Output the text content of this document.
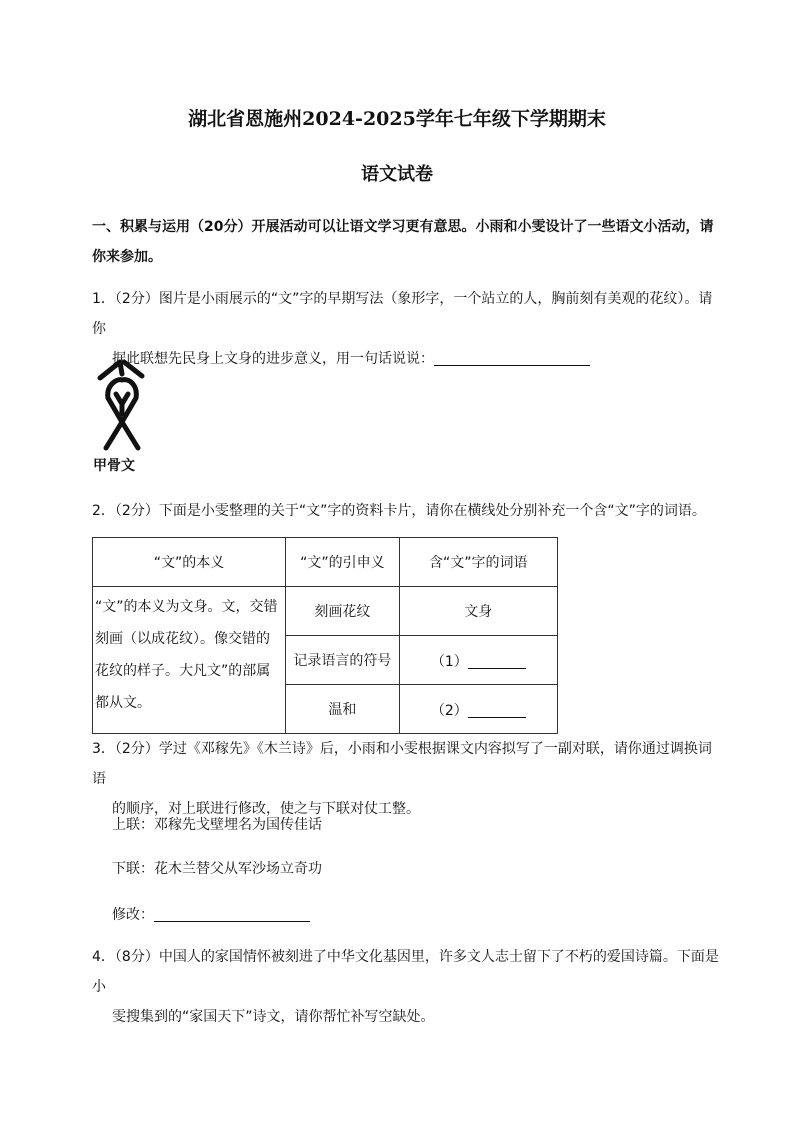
湖北省恩施州2024-2025学年七年级下学期期末
语文试卷
一、积累与运用（20分）开展活动可以让语文学习更有意思。小雨和小雯设计了一些语文小活动，请你来参加。
1．（2分）图片是小雨展示的“文”字的早期写法（象形字，一个站立的人，胸前刻有美观的花纹）。请你
据此联想先民身上文身的进步意义，用一句话说说：
甲骨文
2．（2分）下面是小雯整理的关于“文”字的资料卡片，请你在横线处分别补充一个含“文”字的词语。
“文”的本义	“文”的引申义	含“文”字的词语
“文”的本义为文身。文，交错刻画（以成花纹）。像交错的花纹的样子。大凡文”的部属都从文。	刻画花纹	文身
	记录语言的符号	（1）
	温和	（2）
3．（2分）学过《邓稼先》《木兰诗》后，小雨和小雯根据课文内容拟写了一副对联，请你通过调换词语
的顺序，对上联进行修改，使之与下联对仗工整。
上联：邓稼先戈壁埋名为国传佳话
下联：花木兰替父从军沙场立奇功
修改：
4．（8分）中国人的家国情怀被刻进了中华文化基因里，许多文人志士留下了不朽的爱国诗篇。下面是小
雯搜集到的“家国天下”诗文，请你帮忙补写空缺处。
